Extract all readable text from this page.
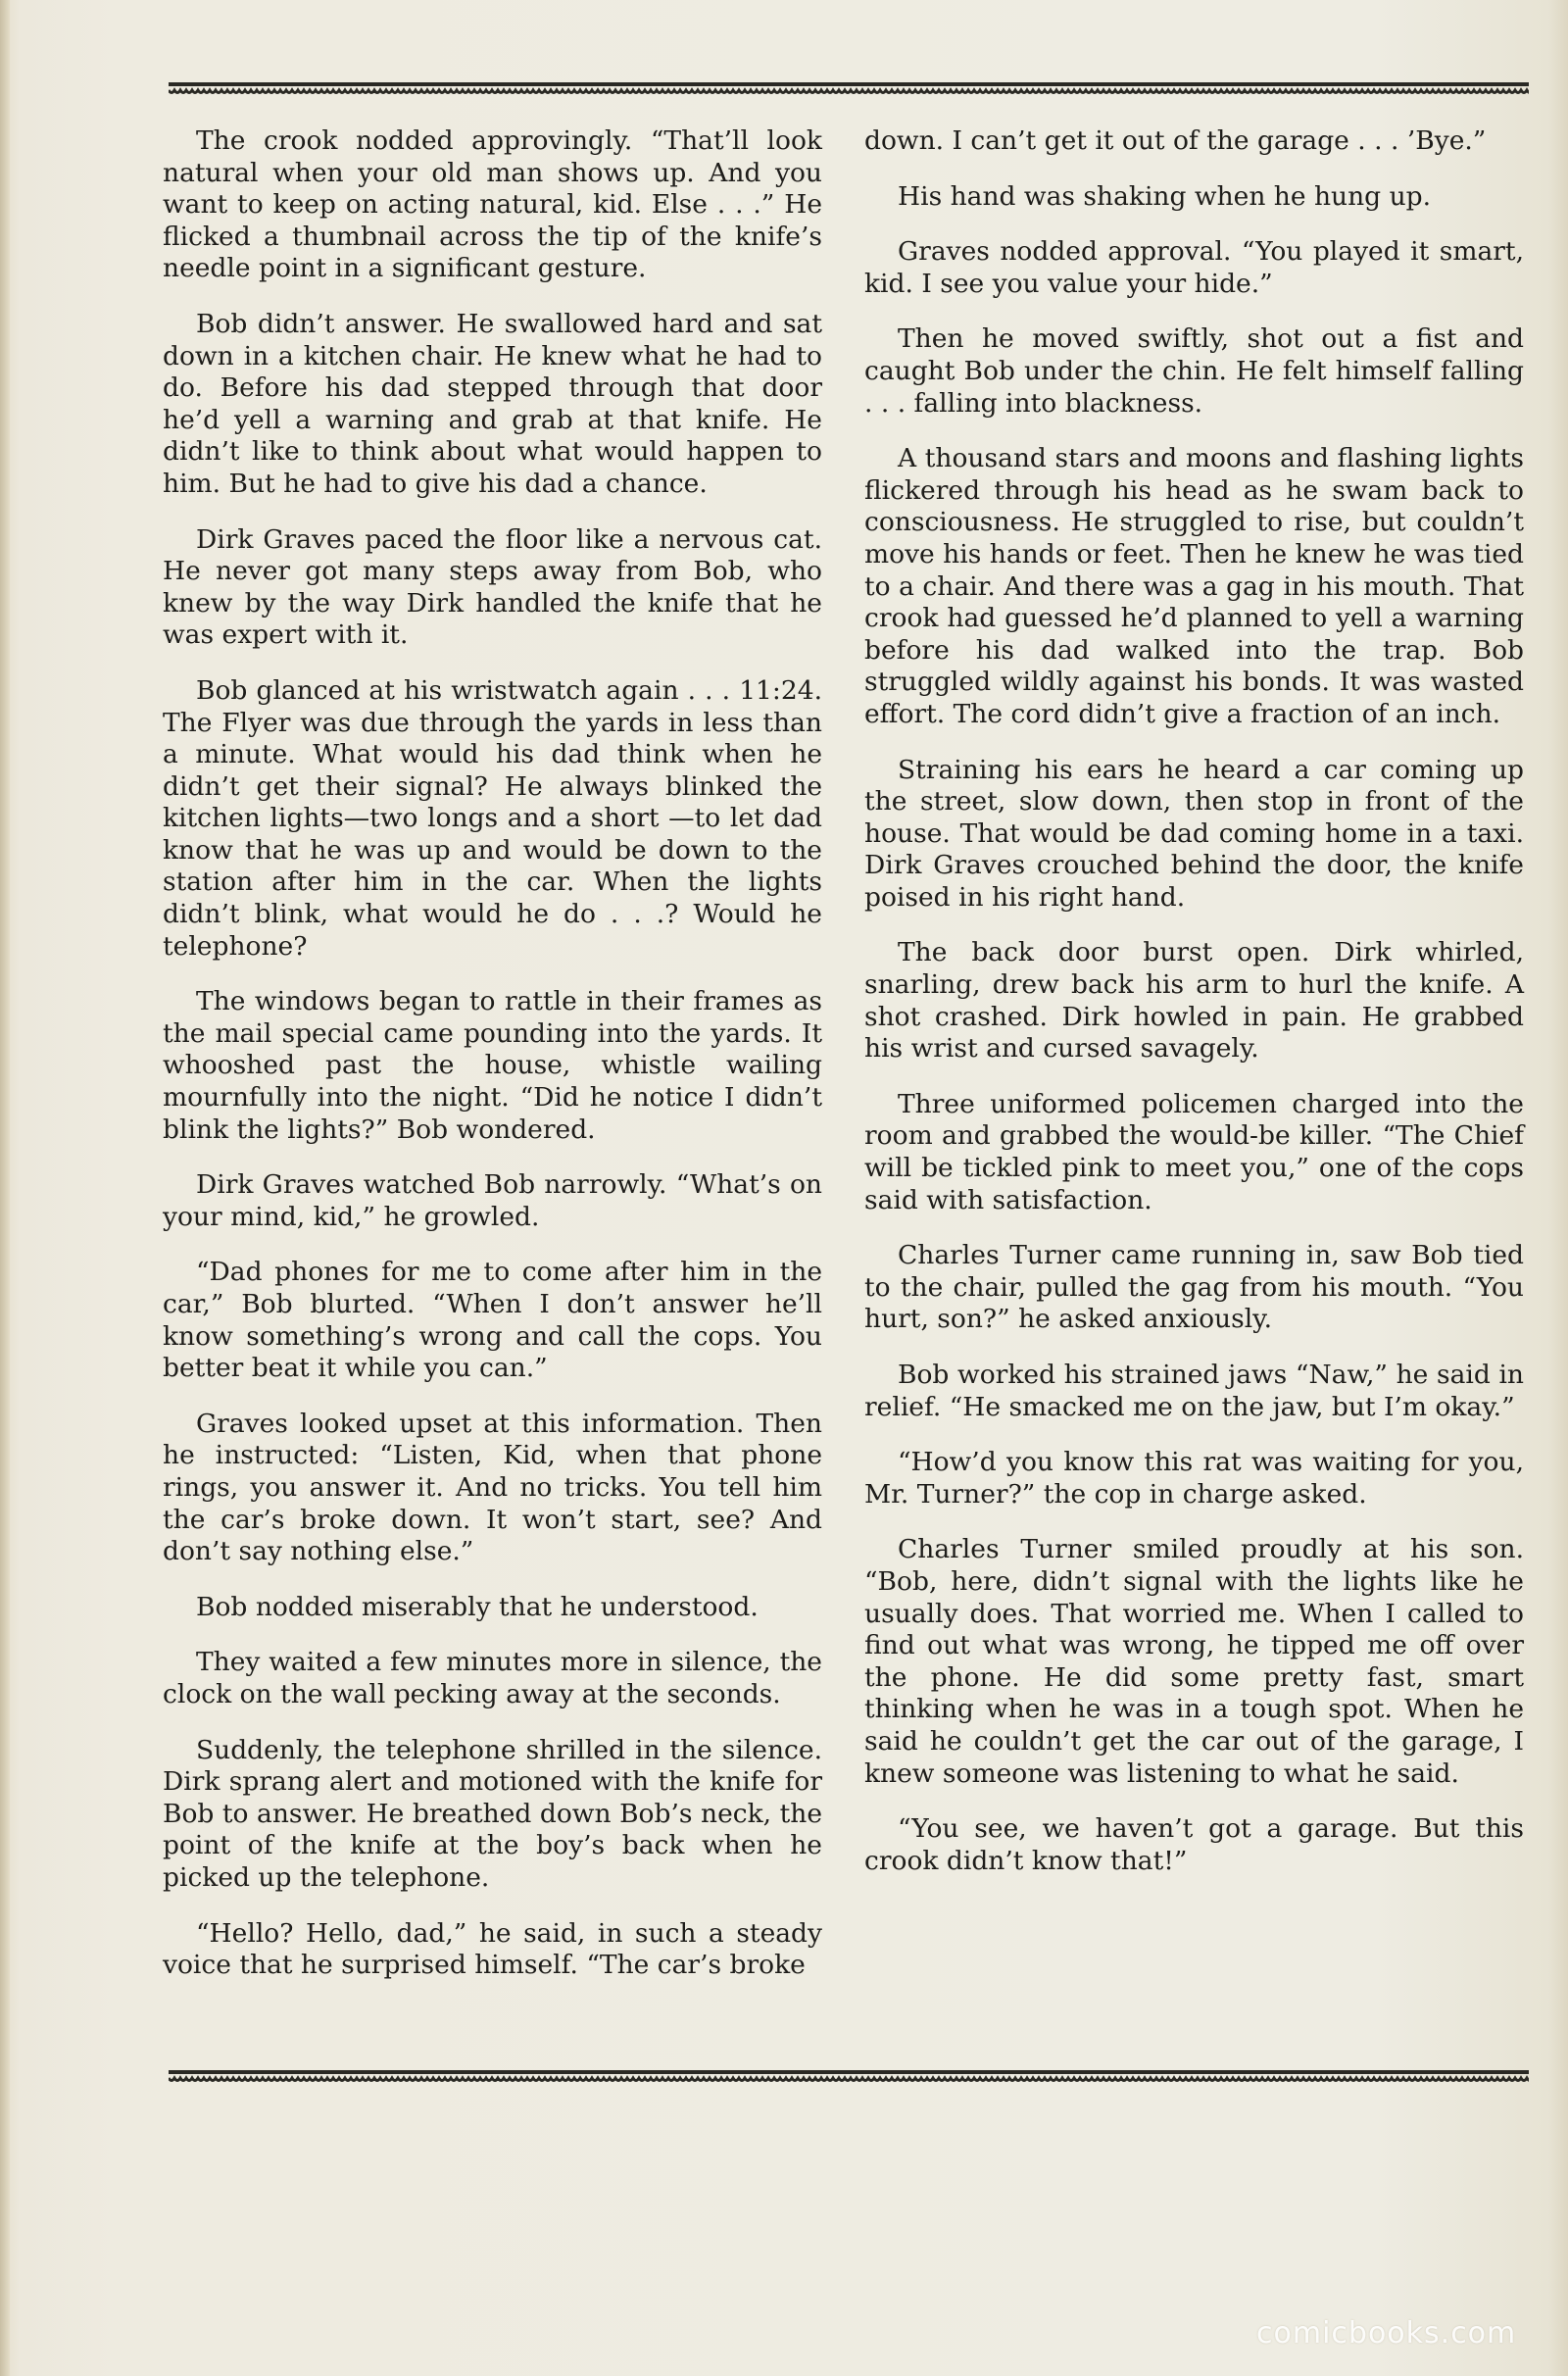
The crook nodded approvingly. “That’ll look natural when your old man shows up. And you want to keep on acting natural, kid. Else . . .” He flicked a thumbnail across the tip of the knife’s needle point in a significant gesture.

Bob didn’t answer. He swallowed hard and sat down in a kitchen chair. He knew what he had to do. Before his dad stepped through that door he’d yell a warning and grab at that knife. He didn’t like to think about what would happen to him. But he had to give his dad a chance.

Dirk Graves paced the floor like a nervous cat. He never got many steps away from Bob, who knew by the way Dirk handled the knife that he was expert with it.

Bob glanced at his wristwatch again . . . 11:24. The Flyer was due through the yards in less than a minute. What would his dad think when he didn’t get their signal? He always blinked the kitchen lights—two longs and a short —to let dad know that he was up and would be down to the station after him in the car. When the lights didn’t blink, what would he do . . .? Would he telephone?

The windows began to rattle in their frames as the mail special came pounding into the yards. It whooshed past the house, whistle wailing mournfully into the night. “Did he notice I didn’t blink the lights?” Bob wondered.

Dirk Graves watched Bob narrowly. “What’s on your mind, kid,” he growled.

“Dad phones for me to come after him in the car,” Bob blurted. “When I don’t answer he’ll know something’s wrong and call the cops. You better beat it while you can.”

Graves looked upset at this information. Then he instructed: “Listen, Kid, when that phone rings, you answer it. And no tricks. You tell him the car’s broke down. It won’t start, see? And don’t say nothing else.”

Bob nodded miserably that he understood.

They waited a few minutes more in silence, the clock on the wall pecking away at the seconds.

Suddenly, the telephone shrilled in the silence. Dirk sprang alert and motioned with the knife for Bob to answer. He breathed down Bob’s neck, the point of the knife at the boy’s back when he picked up the telephone.

“Hello? Hello, dad,” he said, in such a steady voice that he surprised himself. “The car’s broke

down. I can’t get it out of the garage . . . ’Bye.”

His hand was shaking when he hung up.

Graves nodded approval. “You played it smart, kid. I see you value your hide.”

Then he moved swiftly, shot out a fist and caught Bob under the chin. He felt himself falling . . . falling into blackness.

A thousand stars and moons and flashing lights flickered through his head as he swam back to consciousness. He struggled to rise, but couldn’t move his hands or feet. Then he knew he was tied to a chair. And there was a gag in his mouth. That crook had guessed he’d planned to yell a warning before his dad walked into the trap. Bob struggled wildly against his bonds. It was wasted effort. The cord didn’t give a fraction of an inch.

Straining his ears he heard a car coming up the street, slow down, then stop in front of the house. That would be dad coming home in a taxi. Dirk Graves crouched behind the door, the knife poised in his right hand.

The back door burst open. Dirk whirled, snarling, drew back his arm to hurl the knife. A shot crashed. Dirk howled in pain. He grabbed his wrist and cursed savagely.

Three uniformed policemen charged into the room and grabbed the would-be killer. “The Chief will be tickled pink to meet you,” one of the cops said with satisfaction.

Charles Turner came running in, saw Bob tied to the chair, pulled the gag from his mouth. “You hurt, son?” he asked anxiously.

Bob worked his strained jaws “Naw,” he said in relief. “He smacked me on the jaw, but I’m okay.”

“How’d you know this rat was waiting for you, Mr. Turner?” the cop in charge asked.

Charles Turner smiled proudly at his son. “Bob, here, didn’t signal with the lights like he usually does. That worried me. When I called to find out what was wrong, he tipped me off over the phone. He did some pretty fast, smart thinking when he was in a tough spot. When he said he couldn’t get the car out of the garage, I knew someone was listening to what he said.

“You see, we haven’t got a garage. But this crook didn’t know that!”

comicbooks.com
